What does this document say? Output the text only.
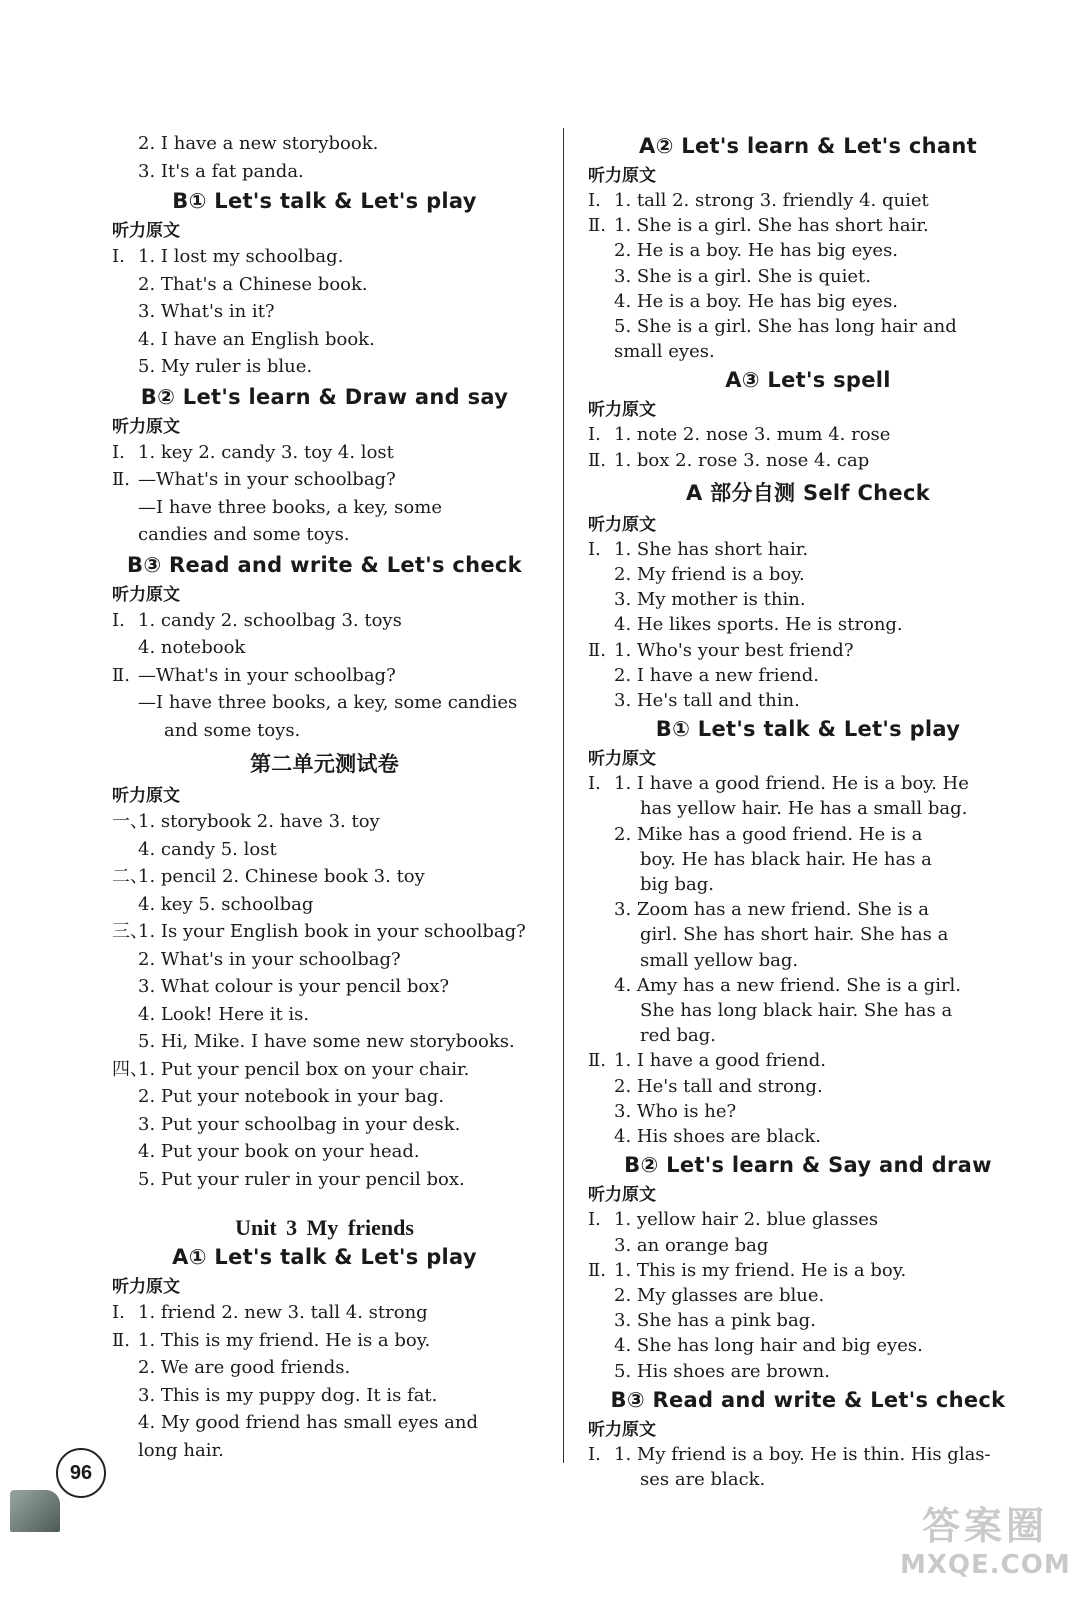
2. I have a new storybook.
3. It's a fat panda.
B① Let's talk & Let's play
听力原文
Ⅰ. 1. I lost my schoolbag.
2. That's a Chinese book.
3. What's in it?
4. I have an English book.
5. My ruler is blue.
B② Let's learn & Draw and say
听力原文
Ⅰ. 1. key 2. candy 3. toy 4. lost
Ⅱ. —What's in your schoolbag?
—I have three books, a key, some
candies and some toys.
B③ Read and write & Let's check
听力原文
Ⅰ. 1. candy 2. schoolbag 3. toys
4. notebook
Ⅱ. —What's in your schoolbag?
—I have three books, a key, some candies
and some toys.
第二单元测试卷
听力原文
一、1. storybook 2. have 3. toy
4. candy 5. lost
二、1. pencil 2. Chinese book 3. toy
4. key 5. schoolbag
三、1. Is your English book in your schoolbag?
2. What's in your schoolbag?
3. What colour is your pencil box?
4. Look! Here it is.
5. Hi, Mike. I have some new storybooks.
四、1. Put your pencil box on your chair.
2. Put your notebook in your bag.
3. Put your schoolbag in your desk.
4. Put your book on your head.
5. Put your ruler in your pencil box.
Unit 3 My friends
A① Let's talk & Let's play
听力原文
Ⅰ. 1. friend 2. new 3. tall 4. strong
Ⅱ. 1. This is my friend. He is a boy.
2. We are good friends.
3. This is my puppy dog. It is fat.
4. My good friend has small eyes and
long hair.
A② Let's learn & Let's chant
听力原文
Ⅰ. 1. tall 2. strong 3. friendly 4. quiet
Ⅱ. 1. She is a girl. She has short hair.
2. He is a boy. He has big eyes.
3. She is a girl. She is quiet.
4. He is a boy. He has big eyes.
5. She is a girl. She has long hair and
small eyes.
A③ Let's spell
听力原文
Ⅰ. 1. note 2. nose 3. mum 4. rose
Ⅱ. 1. box 2. rose 3. nose 4. cap
A 部分自测 Self Check
听力原文
Ⅰ. 1. She has short hair.
2. My friend is a boy.
3. My mother is thin.
4. He likes sports. He is strong.
Ⅱ. 1. Who's your best friend?
2. I have a new friend.
3. He's tall and thin.
B① Let's talk & Let's play
听力原文
Ⅰ. 1. I have a good friend. He is a boy. He
has yellow hair. He has a small bag.
2. Mike has a good friend. He is a
boy. He has black hair. He has a
big bag.
3. Zoom has a new friend. She is a
girl. She has short hair. She has a
small yellow bag.
4. Amy has a new friend. She is a girl.
She has long black hair. She has a
red bag.
Ⅱ. 1. I have a good friend.
2. He's tall and strong.
3. Who is he?
4. His shoes are black.
B② Let's learn & Say and draw
听力原文
Ⅰ. 1. yellow hair 2. blue glasses
3. an orange bag
Ⅱ. 1. This is my friend. He is a boy.
2. My glasses are blue.
3. She has a pink bag.
4. She has long hair and big eyes.
5. His shoes are brown.
B③ Read and write & Let's check
听力原文
Ⅰ. 1. My friend is a boy. He is thin. His glas-
ses are black.
96
答案圈
MXQE.COM
